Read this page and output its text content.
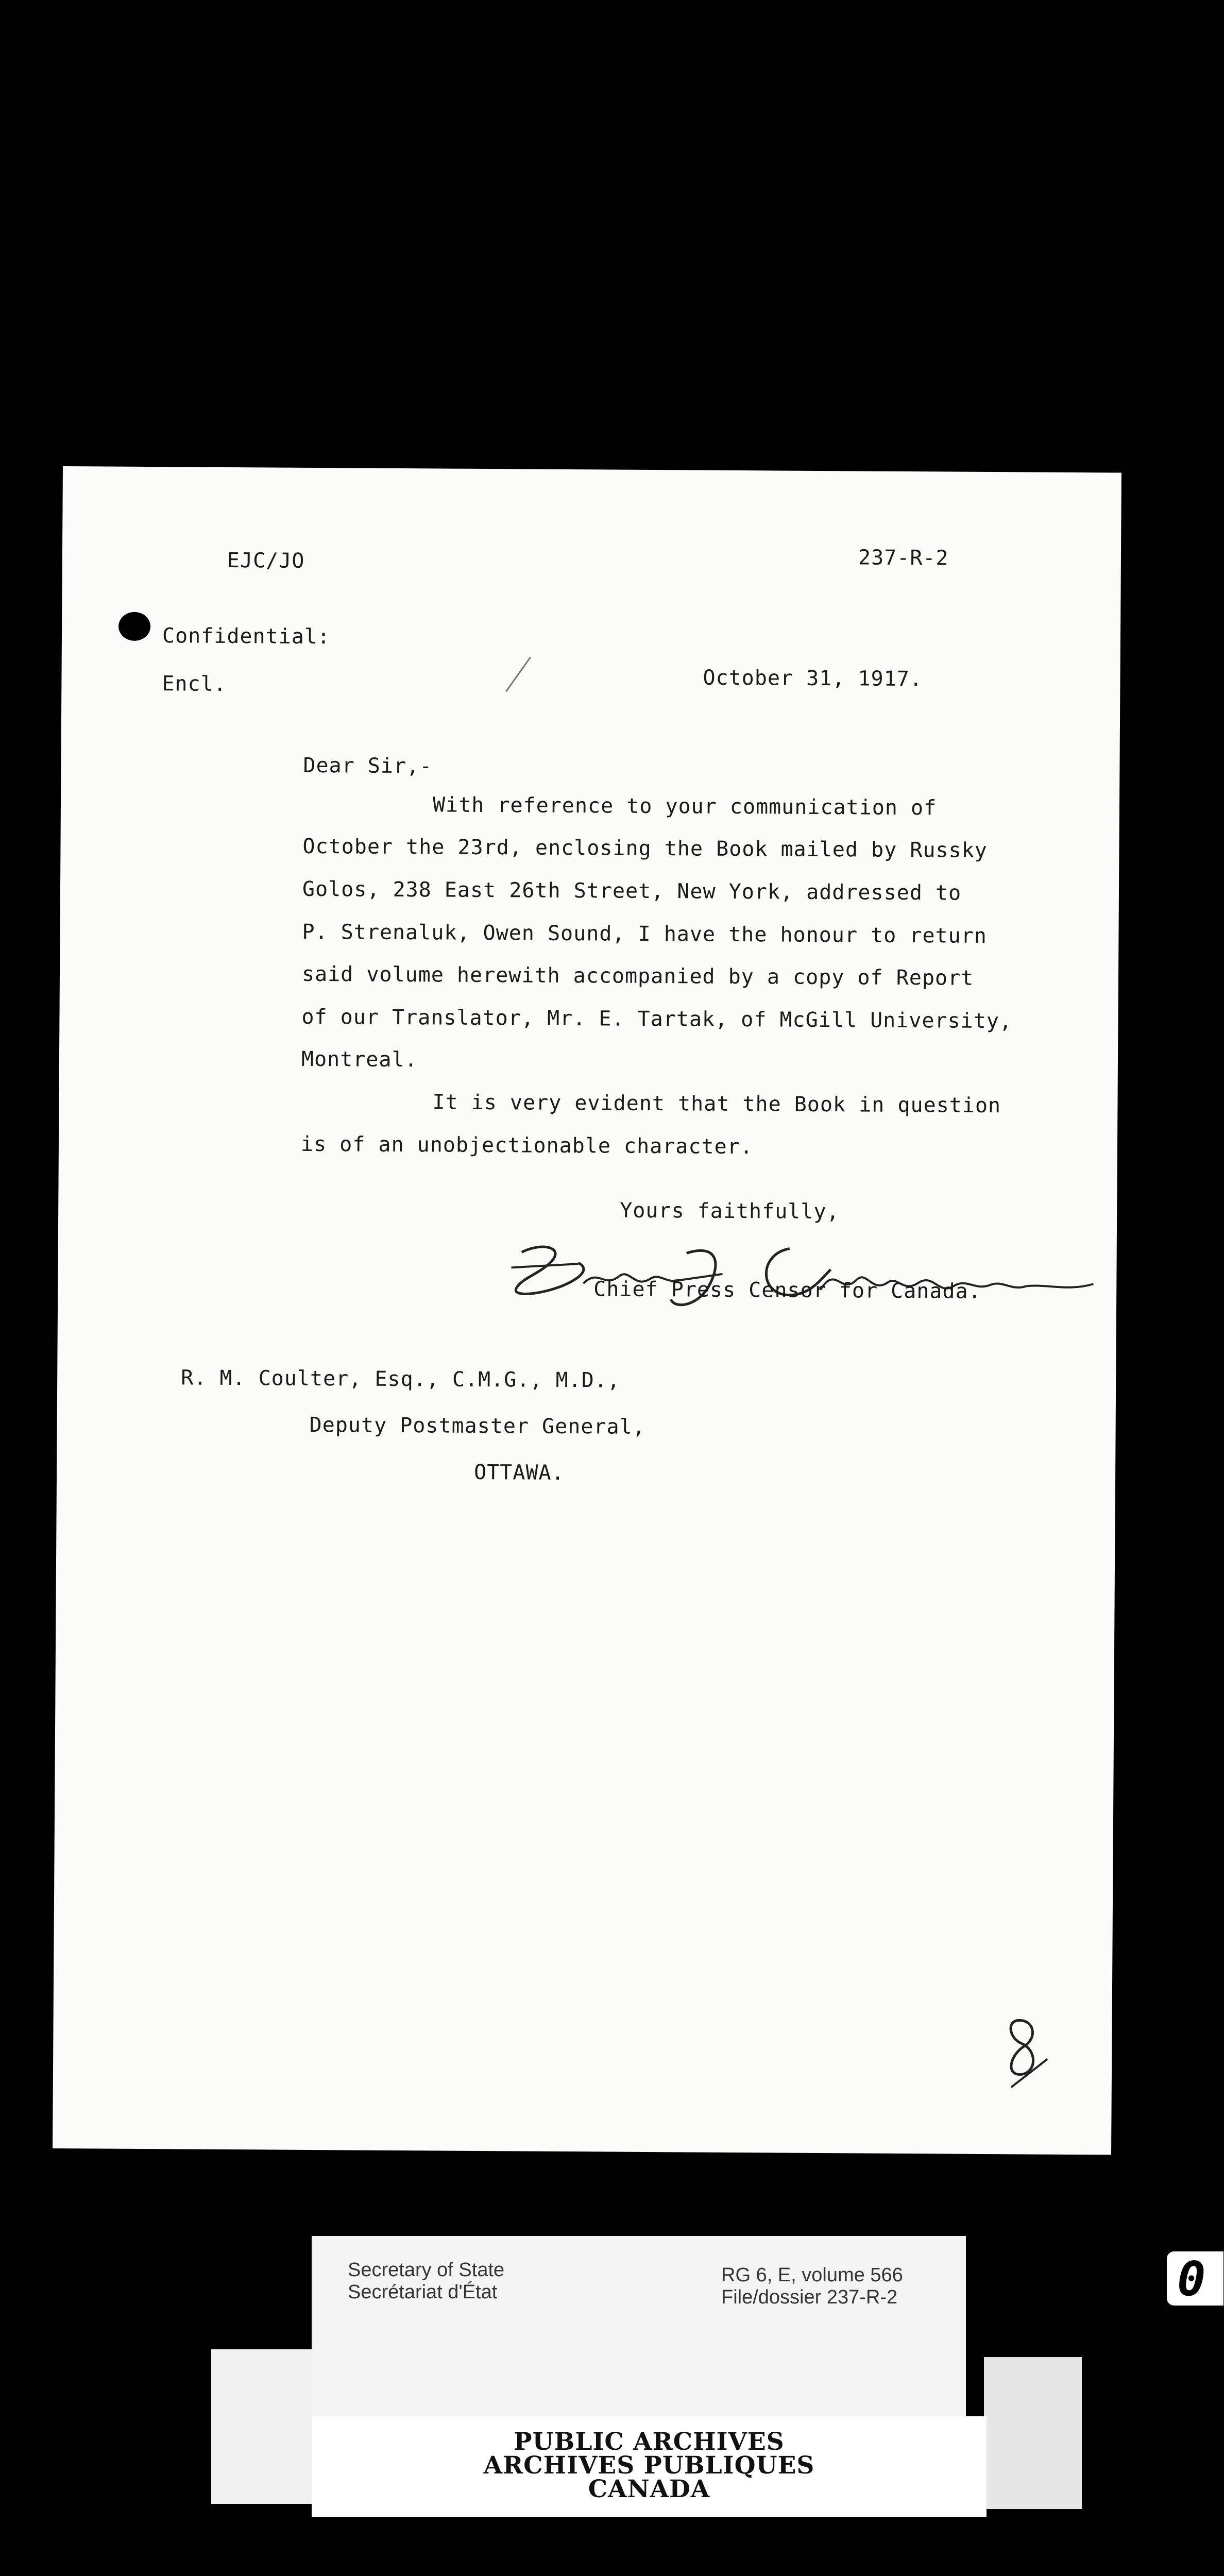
EJC/JO	237-R-2
Confidential:
Encl.	October 31, 1917.
Dear Sir,-
With reference to your communication of
October the 23rd, enclosing the Book mailed by Russky
Golos, 238 East 26th Street, New York, addressed to
P. Strenaluk, Owen Sound, I have the honour to return
said volume herewith accompanied by a copy of Report
of our Translator, Mr. E. Tartak, of McGill University,
Montreal.
It is very evident that the Book in question
is of an unobjectionable character.
Yours faithfully,
Chief Press Censor for Canada.
R. M. Coulter, Esq., C.M.G., M.D.,
Deputy Postmaster General,
OTTAWA.
Secretary of State
Secrétariat d'État
RG 6, E, volume 566
File/dossier 237-R-2
PUBLIC ARCHIVES
ARCHIVES PUBLIQUES
CANADA
0
